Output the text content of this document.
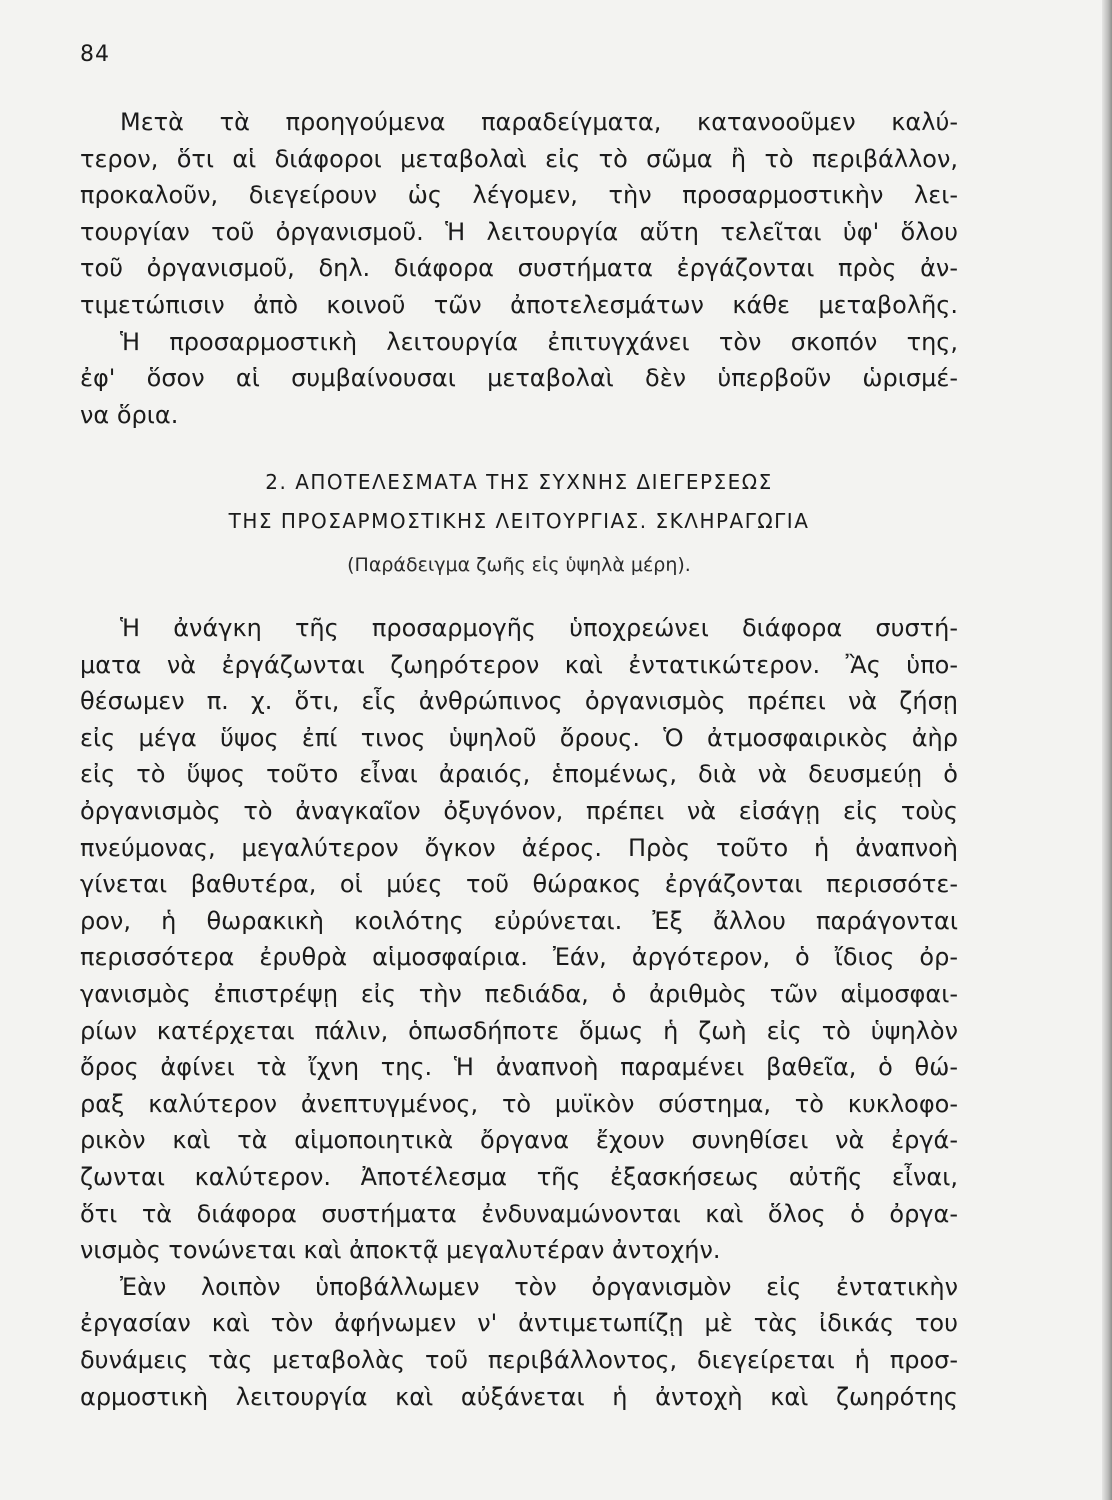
84
Μετὰ τὰ προηγούμενα παραδείγματα, κατανοοῦμεν καλύ-
τερον, ὅτι αἱ διάφοροι μεταβολαὶ εἰς τὸ σῶμα ἢ τὸ περιβάλλον,
προκαλοῦν, διεγείρουν ὡς λέγομεν, τὴν προσαρμοστικὴν λει-
τουργίαν τοῦ ὀργανισμοῦ. Ἡ λειτουργία αὕτη τελεῖται ὑφ' ὅλου
τοῦ ὀργανισμοῦ, δηλ. διάφορα συστήματα ἐργάζονται πρὸς ἀν-
τιμετώπισιν ἀπὸ κοινοῦ τῶν ἀποτελεσμάτων κάθε μεταβολῆς.
Ἡ προσαρμοστικὴ λειτουργία ἐπιτυγχάνει τὸν σκοπόν της,
ἐφ' ὅσον αἱ συμβαίνουσαι μεταβολαὶ δὲν ὑπερβοῦν ὡρισμέ-
να ὅρια.
2. ΑΠΟΤΕΛΕΣΜΑΤΑ ΤΗΣ ΣΥΧΝΗΣ ΔΙΕΓΕΡΣΕΩΣ
ΤΗΣ ΠΡΟΣΑΡΜΟΣΤΙΚΗΣ ΛΕΙΤΟΥΡΓΙΑΣ. ΣΚΛΗΡΑΓΩΓΙΑ
(Παράδειγμα ζωῆς εἰς ὑψηλὰ μέρη).
Ἡ ἀνάγκη τῆς προσαρμογῆς ὑποχρεώνει διάφορα συστή-
ματα νὰ ἐργάζωνται ζωηρότερον καὶ ἐντατικώτερον. Ἂς ὑπο-
θέσωμεν π. χ. ὅτι, εἷς ἀνθρώπινος ὀργανισμὸς πρέπει νὰ ζήσῃ
εἰς μέγα ὕψος ἐπί τινος ὑψηλοῦ ὄρους. Ὁ ἀτμοσφαιρικὸς ἀὴρ
εἰς τὸ ὕψος τοῦτο εἶναι ἀραιός, ἑπομένως, διὰ νὰ δευσμεύῃ ὁ
ὀργανισμὸς τὸ ἀναγκαῖον ὀξυγόνον, πρέπει νὰ εἰσάγῃ εἰς τοὺς
πνεύμονας, μεγαλύτερον ὄγκον ἀέρος. Πρὸς τοῦτο ἡ ἀναπνοὴ
γίνεται βαθυτέρα, οἱ μύες τοῦ θώρακος ἐργάζονται περισσότε-
ρον, ἡ θωρακικὴ κοιλότης εὐρύνεται. Ἐξ ἄλλου παράγονται
περισσότερα ἐρυθρὰ αἱμοσφαίρια. Ἐάν, ἀργότερον, ὁ ἴδιος ὀρ-
γανισμὸς ἐπιστρέψῃ εἰς τὴν πεδιάδα, ὁ ἀριθμὸς τῶν αἱμοσφαι-
ρίων κατέρχεται πάλιν, ὁπωσδήποτε ὅμως ἡ ζωὴ εἰς τὸ ὑψηλὸν
ὄρος ἀφίνει τὰ ἴχνη της. Ἡ ἀναπνοὴ παραμένει βαθεῖα, ὁ θώ-
ραξ καλύτερον ἀνεπτυγμένος, τὸ μυϊκὸν σύστημα, τὸ κυκλοφο-
ρικὸν καὶ τὰ αἱμοποιητικὰ ὄργανα ἔχουν συνηθίσει νὰ ἐργά-
ζωνται καλύτερον. Ἀποτέλεσμα τῆς ἐξασκήσεως αὐτῆς εἶναι,
ὅτι τὰ διάφορα συστήματα ἐνδυναμώνονται καὶ ὅλος ὁ ὀργα-
νισμὸς τονώνεται καὶ ἀποκτᾷ μεγαλυτέραν ἀντοχήν.
Ἐὰν λοιπὸν ὑποβάλλωμεν τὸν ὀργανισμὸν εἰς ἐντατικὴν
ἐργασίαν καὶ τὸν ἀφήνωμεν ν' ἀντιμετωπίζῃ μὲ τὰς ἰδικάς του
δυνάμεις τὰς μεταβολὰς τοῦ περιβάλλοντος, διεγείρεται ἡ προσ-
αρμοστικὴ λειτουργία καὶ αὐξάνεται ἡ ἀντοχὴ καὶ ζωηρότης
